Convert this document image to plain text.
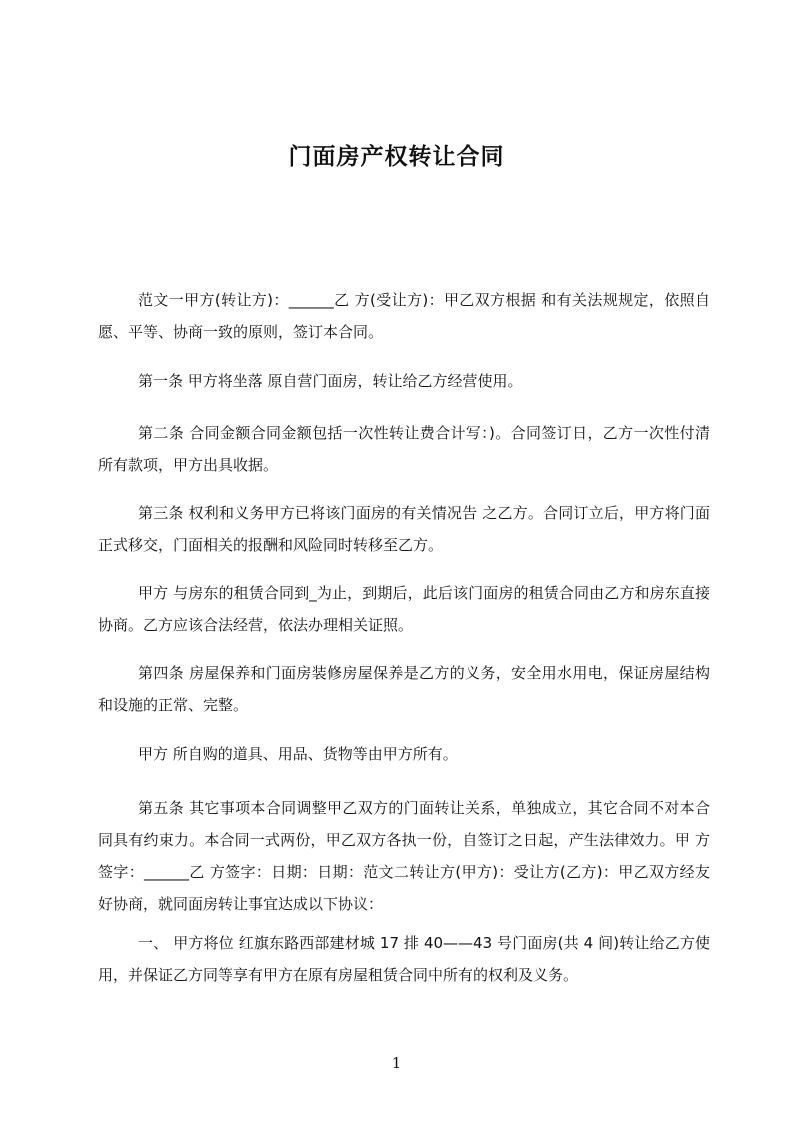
门面房产权转让合同

范文一甲方(转让方)：______乙 方(受让方)：甲乙双方根据 和有关法规规定，依照自愿、平等、协商一致的原则，签订本合同。

第一条 甲方将坐落 原自营门面房，转让给乙方经营使用。

第二条 合同金额合同金额包括一次性转让费合计写：)。合同签订日，乙方一次性付清所有款项，甲方出具收据。

第三条 权利和义务甲方已将该门面房的有关情况告 之乙方。合同订立后，甲方将门面正式移交，门面相关的报酬和风险同时转移至乙方。

甲方 与房东的租赁合同到_为止，到期后，此后该门面房的租赁合同由乙方和房东直接协商。乙方应该合法经营，依法办理相关证照。

第四条 房屋保养和门面房装修房屋保养是乙方的义务，安全用水用电，保证房屋结构和设施的正常、完整。

甲方 所自购的道具、用品、货物等由甲方所有。

第五条 其它事项本合同调整甲乙双方的门面转让关系，单独成立，其它合同不对本合同具有约束力。本合同一式两份，甲乙双方各执一份，自签订之日起，产生法律效力。甲 方签字：______乙 方签字：日期：日期：范文二转让方(甲方)：受让方(乙方)：甲乙双方经友好协商，就同面房转让事宜达成以下协议：

一、 甲方将位 红旗东路西部建材城 17 排 40——43 号门面房(共 4 间)转让给乙方使用，并保证乙方同等享有甲方在原有房屋租赁合同中所有的权利及义务。

1
